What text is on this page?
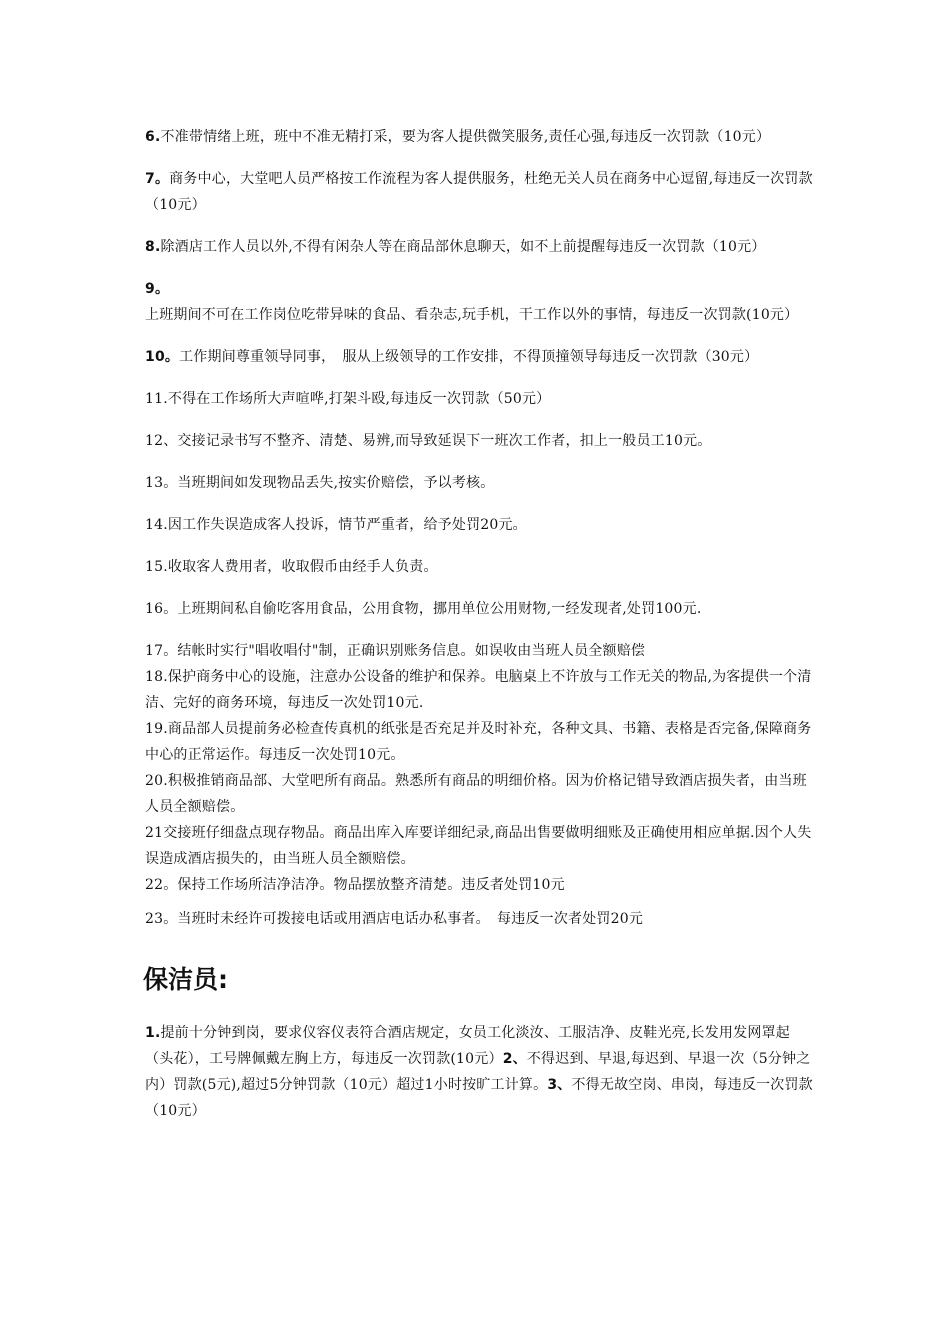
6.不准带情绪上班，班中不准无精打采，要为客人提供微笑服务,责任心强,每违反一次罚款（10元）

7。商务中心，大堂吧人员严格按工作流程为客人提供服务，杜绝无关人员在商务中心逗留,每违反一次罚款（10元）

8.除酒店工作人员以外,不得有闲杂人等在商品部休息聊天，如不上前提醒每违反一次罚款（10元）

9。上班期间不可在工作岗位吃带异味的食品、看杂志,玩手机，干工作以外的事情，每违反一次罚款(10元）

10。工作期间尊重领导同事，　服从上级领导的工作安排，不得顶撞领导每违反一次罚款（30元）

11.不得在工作场所大声喧哗,打架斗殴,每违反一次罚款（50元）

12、交接记录书写不整齐、清楚、易辨,而导致延误下一班次工作者，扣上一般员工10元。

13。当班期间如发现物品丢失,按实价赔偿，予以考核。

14.因工作失误造成客人投诉，情节严重者，给予处罚20元。

15.收取客人费用者，收取假币由经手人负责。

16。上班期间私自偷吃客用食品，公用食物，挪用单位公用财物,一经发现者,处罚100元.

17。结帐时实行"唱收唱付"制，正确识别账务信息。如误收由当班人员全额赔偿

18.保护商务中心的设施，注意办公设备的维护和保养。电脑桌上不许放与工作无关的物品,为客提供一个清洁、完好的商务环境，每违反一次处罚10元.

19.商品部人员提前务必检查传真机的纸张是否充足并及时补充，各种文具、书籍、表格是否完备,保障商务中心的正常运作。每违反一次处罚10元。

20.积极推销商品部、大堂吧所有商品。熟悉所有商品的明细价格。因为价格记错导致酒店损失者，由当班人员全额赔偿。

21交接班仔细盘点现存物品。商品出库入库要详细纪录,商品出售要做明细账及正确使用相应单据.因个人失误造成酒店损失的，由当班人员全额赔偿。

22。保持工作场所洁净洁净。物品摆放整齐清楚。违反者处罚10元

23。当班时未经许可拨接电话或用酒店电话办私事者。　每违反一次者处罚20元

保洁员:

1.提前十分钟到岗，要求仪容仪表符合酒店规定，女员工化淡汝、工服洁净、皮鞋光亮,长发用发网罩起（头花），工号牌佩戴左胸上方，每违反一次罚款(10元）2、不得迟到、早退,每迟到、早退一次（5分钟之内）罚款(5元),超过5分钟罚款（10元）超过1小时按旷工计算。3、不得无故空岗、串岗，每违反一次罚款（10元）
